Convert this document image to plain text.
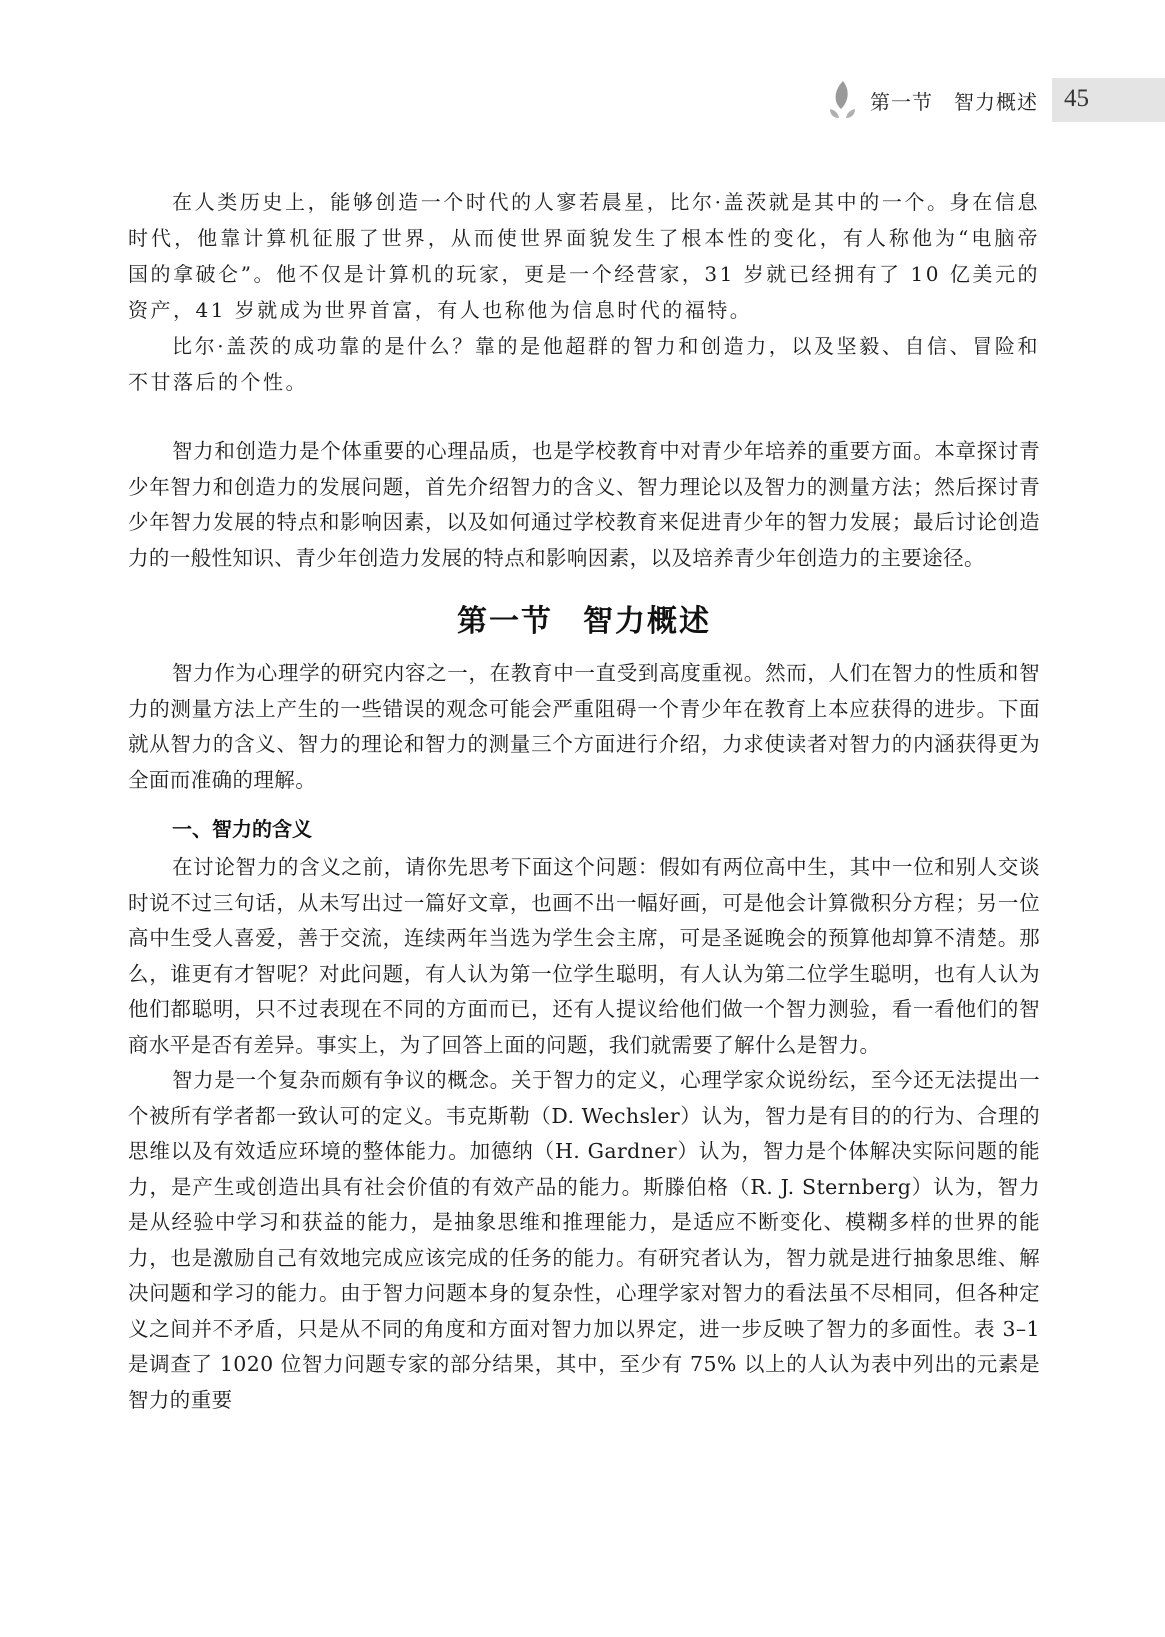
第一节　智力概述 45

在人类历史上，能够创造一个时代的人寥若晨星，比尔·盖茨就是其中的一个。身在信息时代，他靠计算机征服了世界，从而使世界面貌发生了根本性的变化，有人称他为“电脑帝国的拿破仑”。他不仅是计算机的玩家，更是一个经营家，31 岁就已经拥有了 10 亿美元的资产，41 岁就成为世界首富，有人也称他为信息时代的福特。

比尔·盖茨的成功靠的是什么？靠的是他超群的智力和创造力，以及坚毅、自信、冒险和不甘落后的个性。

智力和创造力是个体重要的心理品质，也是学校教育中对青少年培养的重要方面。本章探讨青少年智力和创造力的发展问题，首先介绍智力的含义、智力理论以及智力的测量方法；然后探讨青少年智力发展的特点和影响因素，以及如何通过学校教育来促进青少年的智力发展；最后讨论创造力的一般性知识、青少年创造力发展的特点和影响因素，以及培养青少年创造力的主要途径。

第一节 智力概述

智力作为心理学的研究内容之一，在教育中一直受到高度重视。然而，人们在智力的性质和智力的测量方法上产生的一些错误的观念可能会严重阻碍一个青少年在教育上本应获得的进步。下面就从智力的含义、智力的理论和智力的测量三个方面进行介绍，力求使读者对智力的内涵获得更为全面而准确的理解。

一、智力的含义

在讨论智力的含义之前，请你先思考下面这个问题：假如有两位高中生，其中一位和别人交谈时说不过三句话，从未写出过一篇好文章，也画不出一幅好画，可是他会计算微积分方程；另一位高中生受人喜爱，善于交流，连续两年当选为学生会主席，可是圣诞晚会的预算他却算不清楚。那么，谁更有才智呢？对此问题，有人认为第一位学生聪明，有人认为第二位学生聪明，也有人认为他们都聪明，只不过表现在不同的方面而已，还有人提议给他们做一个智力测验，看一看他们的智商水平是否有差异。事实上，为了回答上面的问题，我们就需要了解什么是智力。

智力是一个复杂而颇有争议的概念。关于智力的定义，心理学家众说纷纭，至今还无法提出一个被所有学者都一致认可的定义。韦克斯勒（D. Wechsler）认为，智力是有目的的行为、合理的思维以及有效适应环境的整体能力。加德纳（H. Gardner）认为，智力是个体解决实际问题的能力，是产生或创造出具有社会价值的有效产品的能力。斯滕伯格（R. J. Sternberg）认为，智力是从经验中学习和获益的能力，是抽象思维和推理能力，是适应不断变化、模糊多样的世界的能力，也是激励自己有效地完成应该完成的任务的能力。有研究者认为，智力就是进行抽象思维、解决问题和学习的能力。由于智力问题本身的复杂性，心理学家对智力的看法虽不尽相同，但各种定义之间并不矛盾，只是从不同的角度和方面对智力加以界定，进一步反映了智力的多面性。表 3–1 是调查了 1020 位智力问题专家的部分结果，其中，至少有 75% 以上的人认为表中列出的元素是智力的重要
